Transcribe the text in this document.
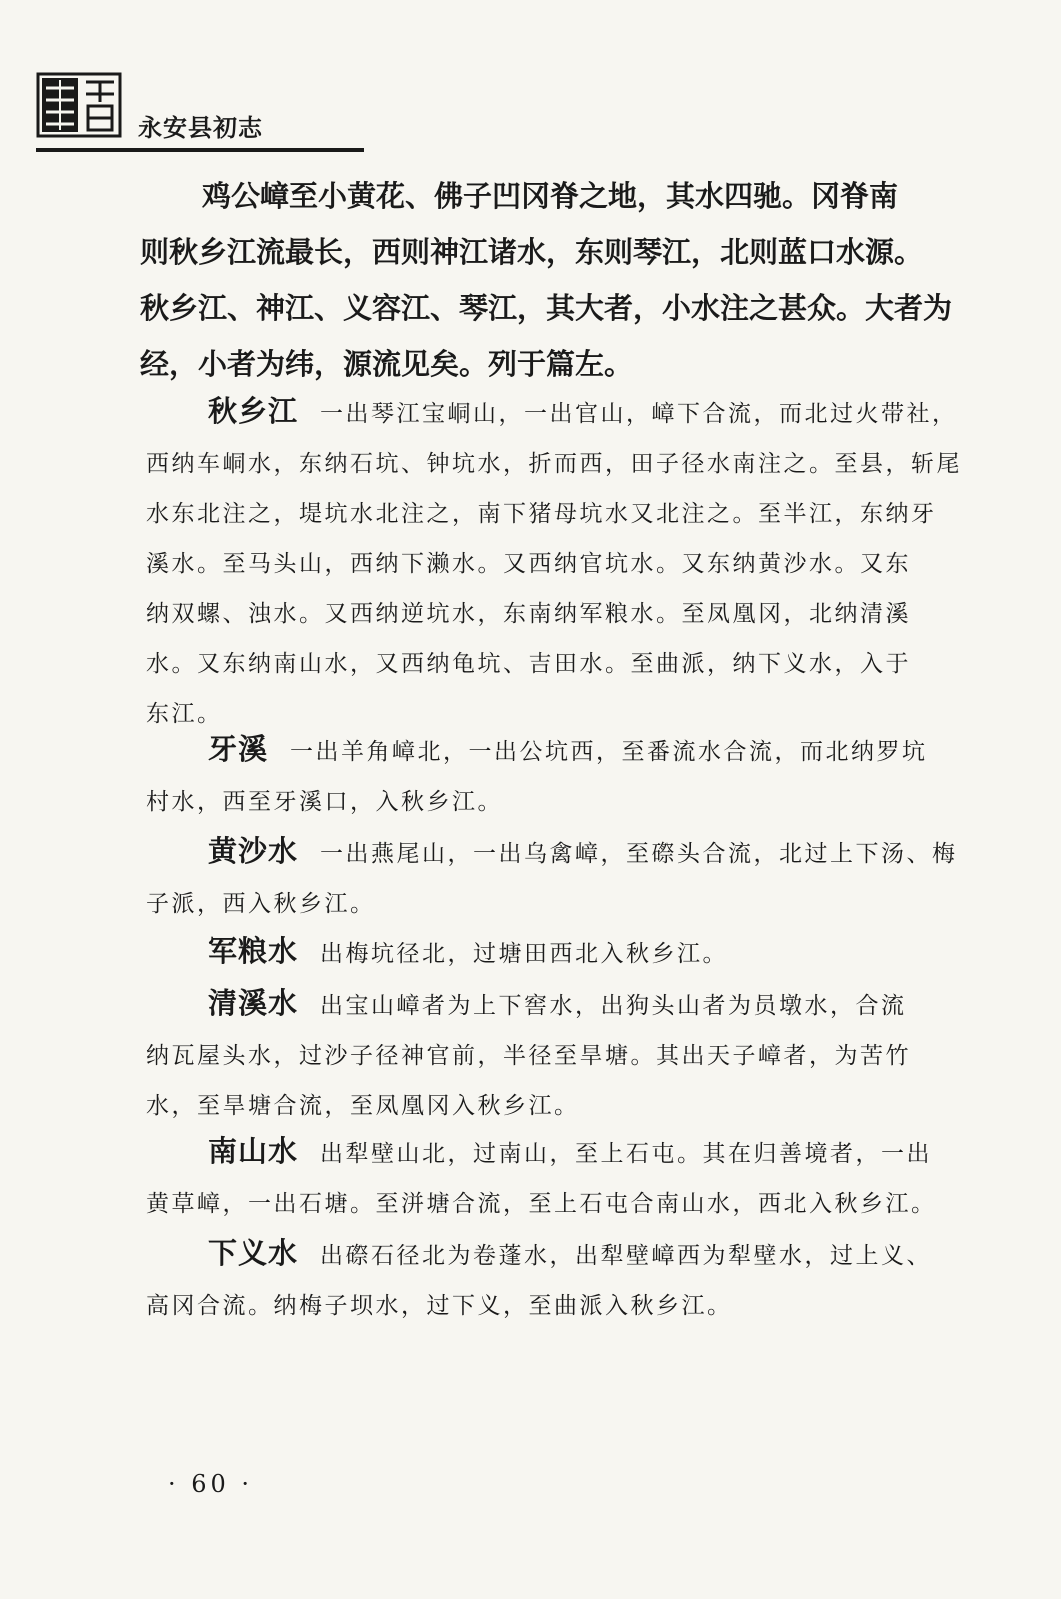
永安县初志

鸡公嶂至小黄花、佛子凹冈脊之地，其水四驰。冈脊南
则秋乡江流最长，西则神江诸水，东则琴江，北则蓝口水源。
秋乡江、神江、义容江、琴江，其大者，小水注之甚众。大者为
经，小者为纬，源流见矣。列于篇左。

秋乡江 一出琴江宝峒山，一出官山，嶂下合流，而北过火带社，
西纳车峒水，东纳石坑、钟坑水，折而西，田子径水南注之。至县，斩尾
水东北注之，堤坑水北注之，南下猪母坑水又北注之。至半江，东纳牙
溪水。至马头山，西纳下濑水。又西纳官坑水。又东纳黄沙水。又东
纳双螺、浊水。又西纳逆坑水，东南纳军粮水。至凤凰冈，北纳清溪
水。又东纳南山水，又西纳龟坑、吉田水。至曲派，纳下义水，入于
东江。
牙溪 一出羊角嶂北，一出公坑西，至番流水合流，而北纳罗坑
村水，西至牙溪口，入秋乡江。
黄沙水 一出燕尾山，一出乌禽嶂，至磜头合流，北过上下汤、梅
子派，西入秋乡江。
军粮水 出梅坑径北，过塘田西北入秋乡江。
清溪水 出宝山嶂者为上下窖水，出狗头山者为员墩水，合流
纳瓦屋头水，过沙子径神官前，半径至旱塘。其出天子嶂者，为苦竹
水，至旱塘合流，至凤凰冈入秋乡江。
南山水 出犁壁山北，过南山，至上石屯。其在归善境者，一出
黄草嶂，一出石塘。至洴塘合流，至上石屯合南山水，西北入秋乡江。
下义水 出磜石径北为卷蓬水，出犁壁嶂西为犁壁水，过上义、
高冈合流。纳梅子坝水，过下义，至曲派入秋乡江。
· 60 ·
